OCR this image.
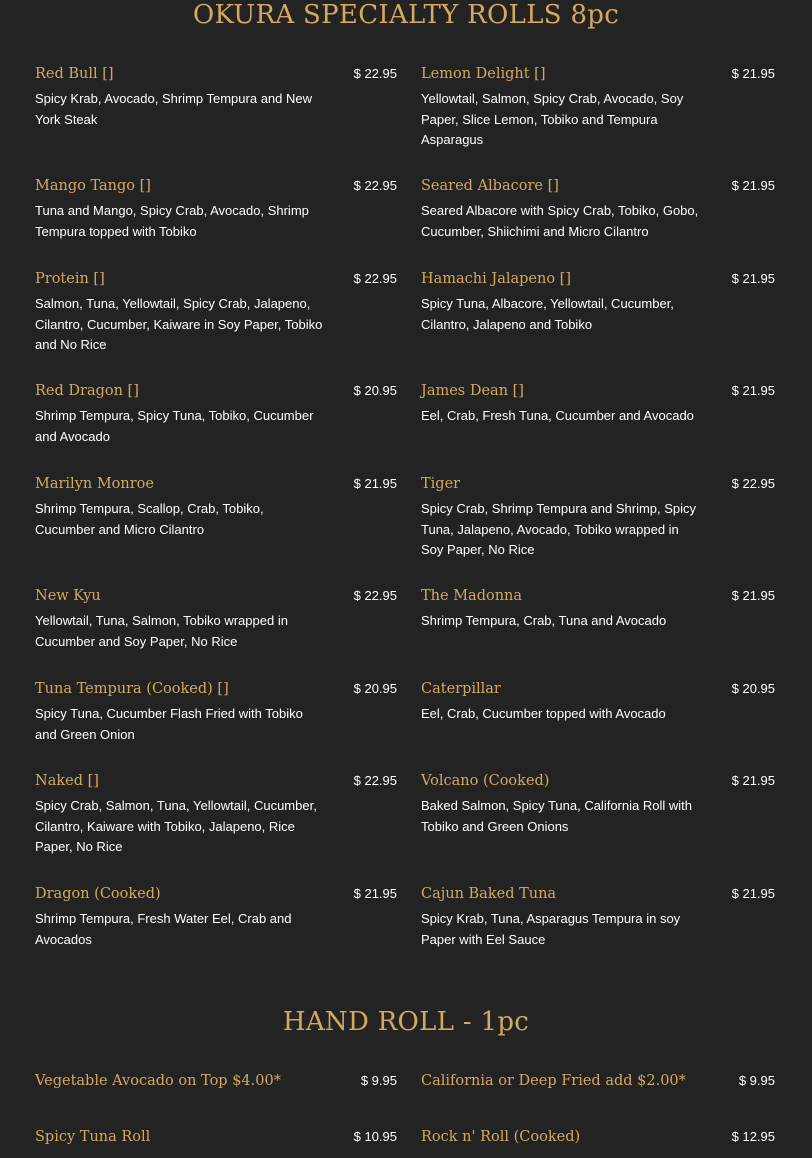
OKURA SPECIALTY ROLLS 8pc
Red Bull []	$ 22.95
Spicy Krab, Avocado, Shrimp Tempura and New York Steak
Mango Tango []	$ 22.95
Tuna and Mango, Spicy Crab, Avocado, Shrimp Tempura topped with Tobiko
Protein []	$ 22.95
Salmon, Tuna, Yellowtail, Spicy Crab, Jalapeno, Cilantro, Cucumber, Kaiware in Soy Paper, Tobiko and No Rice
Red Dragon []	$ 20.95
Shrimp Tempura, Spicy Tuna, Tobiko, Cucumber and Avocado
Marilyn Monroe	$ 21.95
Shrimp Tempura, Scallop, Crab, Tobiko, Cucumber and Micro Cilantro
New Kyu	$ 22.95
Yellowtail, Tuna, Salmon, Tobiko wrapped in Cucumber and Soy Paper, No Rice
Tuna Tempura (Cooked) []	$ 20.95
Spicy Tuna, Cucumber Flash Fried with Tobiko and Green Onion
Naked []	$ 22.95
Spicy Crab, Salmon, Tuna, Yellowtail, Cucumber, Cilantro, Kaiware with Tobiko, Jalapeno, Rice Paper, No Rice
Dragon (Cooked)	$ 21.95
Shrimp Tempura, Fresh Water Eel, Crab and Avocados
Lemon Delight []	$ 21.95
Yellowtail, Salmon, Spicy Crab, Avocado, Soy Paper, Slice Lemon, Tobiko and Tempura Asparagus
Seared Albacore []	$ 21.95
Seared Albacore with Spicy Crab, Tobiko, Gobo, Cucumber, Shiichimi and Micro Cilantro
Hamachi Jalapeno []	$ 21.95
Spicy Tuna, Albacore, Yellowtail, Cucumber, Cilantro, Jalapeno and Tobiko
James Dean []	$ 21.95
Eel, Crab, Fresh Tuna, Cucumber and Avocado
Tiger	$ 22.95
Spicy Crab, Shrimp Tempura and Shrimp, Spicy Tuna, Jalapeno, Avocado, Tobiko wrapped in Soy Paper, No Rice
The Madonna	$ 21.95
Shrimp Tempura, Crab, Tuna and Avocado
Caterpillar	$ 20.95
Eel, Crab, Cucumber topped with Avocado
Volcano (Cooked)	$ 21.95
Baked Salmon, Spicy Tuna, California Roll with Tobiko and Green Onions
Cajun Baked Tuna	$ 21.95
Spicy Krab, Tuna, Asparagus Tempura in soy Paper with Eel Sauce
HAND ROLL - 1pc
Vegetable Avocado on Top $4.00*	$ 9.95
Spicy Tuna Roll	$ 10.95
California or Deep Fried add $2.00*	$ 9.95
Rock n' Roll (Cooked)	$ 12.95
